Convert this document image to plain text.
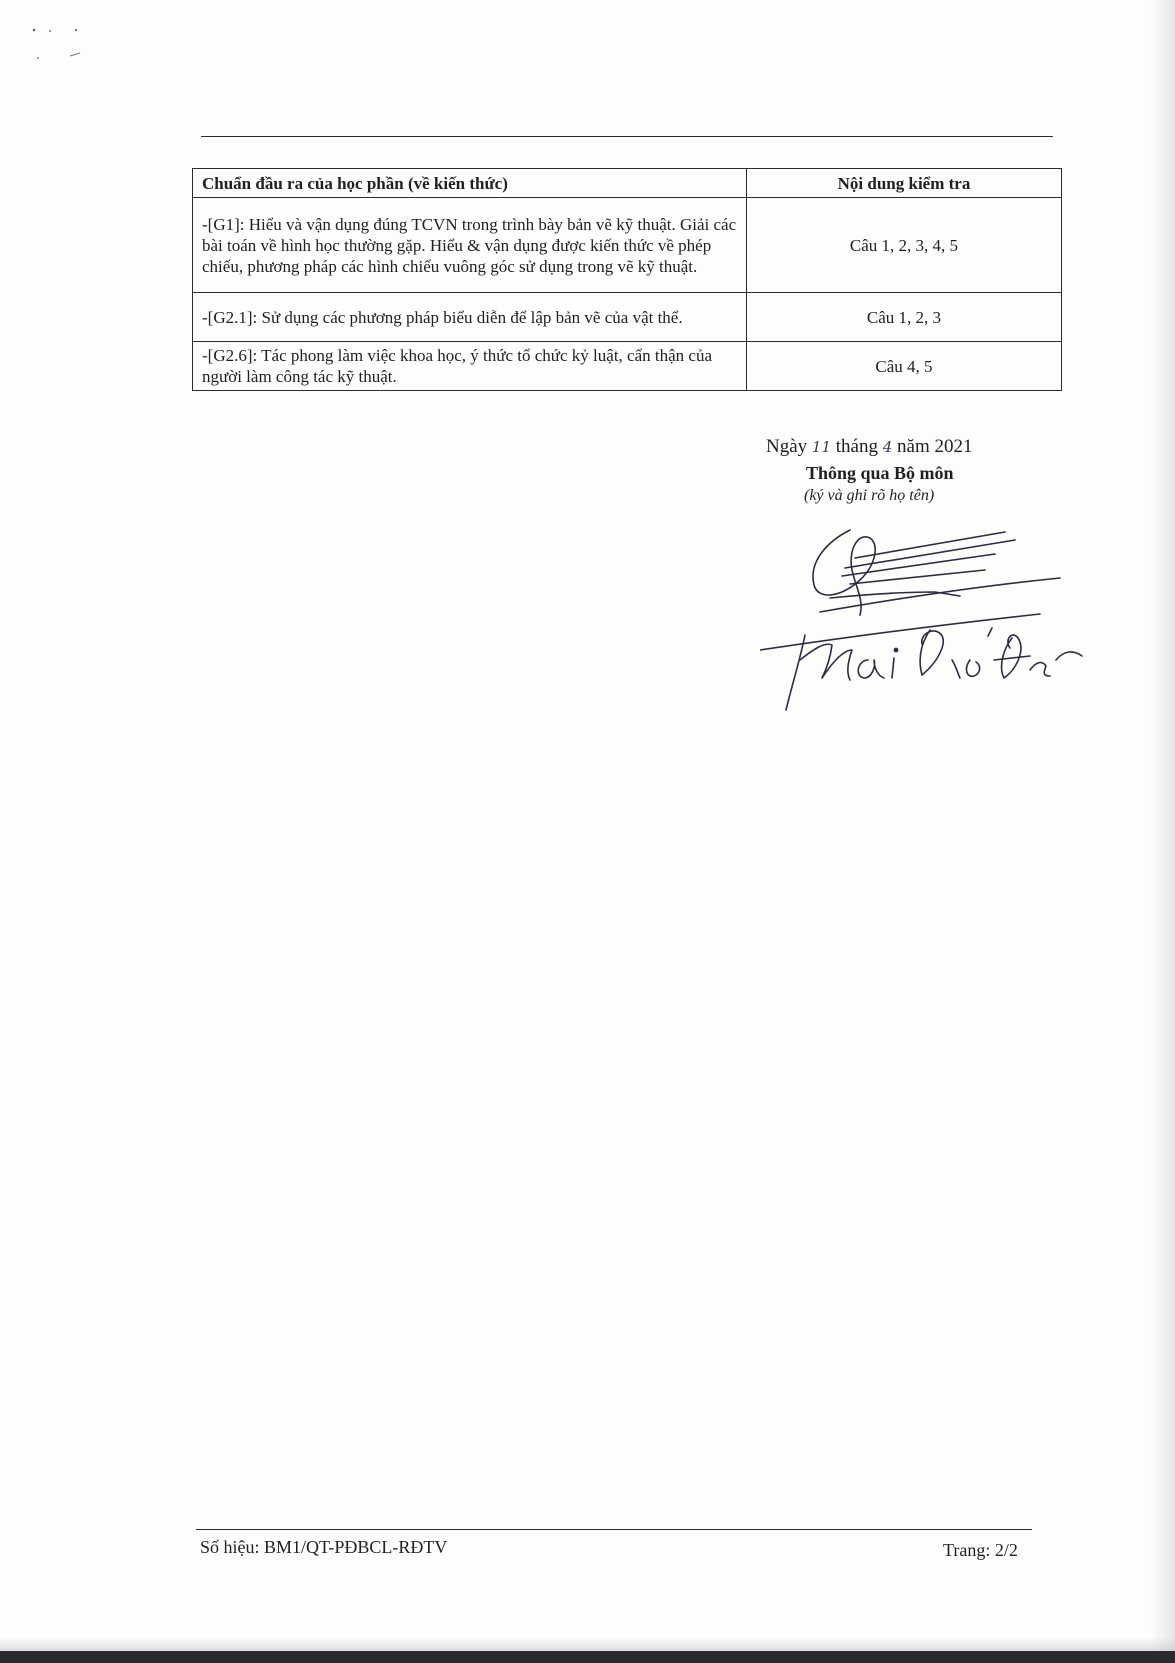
Chuẩn đầu ra của học phần (về kiến thức)	Nội dung kiểm tra
-[G1]: Hiểu và vận dụng đúng TCVN trong trình bày bản vẽ kỹ thuật. Giải các bài toán về hình học thường gặp. Hiểu & vận dụng được kiến thức về phép chiếu, phương pháp các hình chiếu vuông góc sử dụng trong vẽ kỹ thuật.	Câu 1, 2, 3, 4, 5
-[G2.1]: Sử dụng các phương pháp biểu diễn để lập bản vẽ của vật thể.	Câu 1, 2, 3
-[G2.6]: Tác phong làm việc khoa học, ý thức tổ chức kỷ luật, cẩn thận của người làm công tác kỹ thuật.	Câu 4, 5
Ngày 11 tháng 4 năm 2021
Thông qua Bộ môn
(ký và ghi rõ họ tên)
Số hiệu: BM1/QT-PĐBCL-RĐTV	Trang: 2/2
